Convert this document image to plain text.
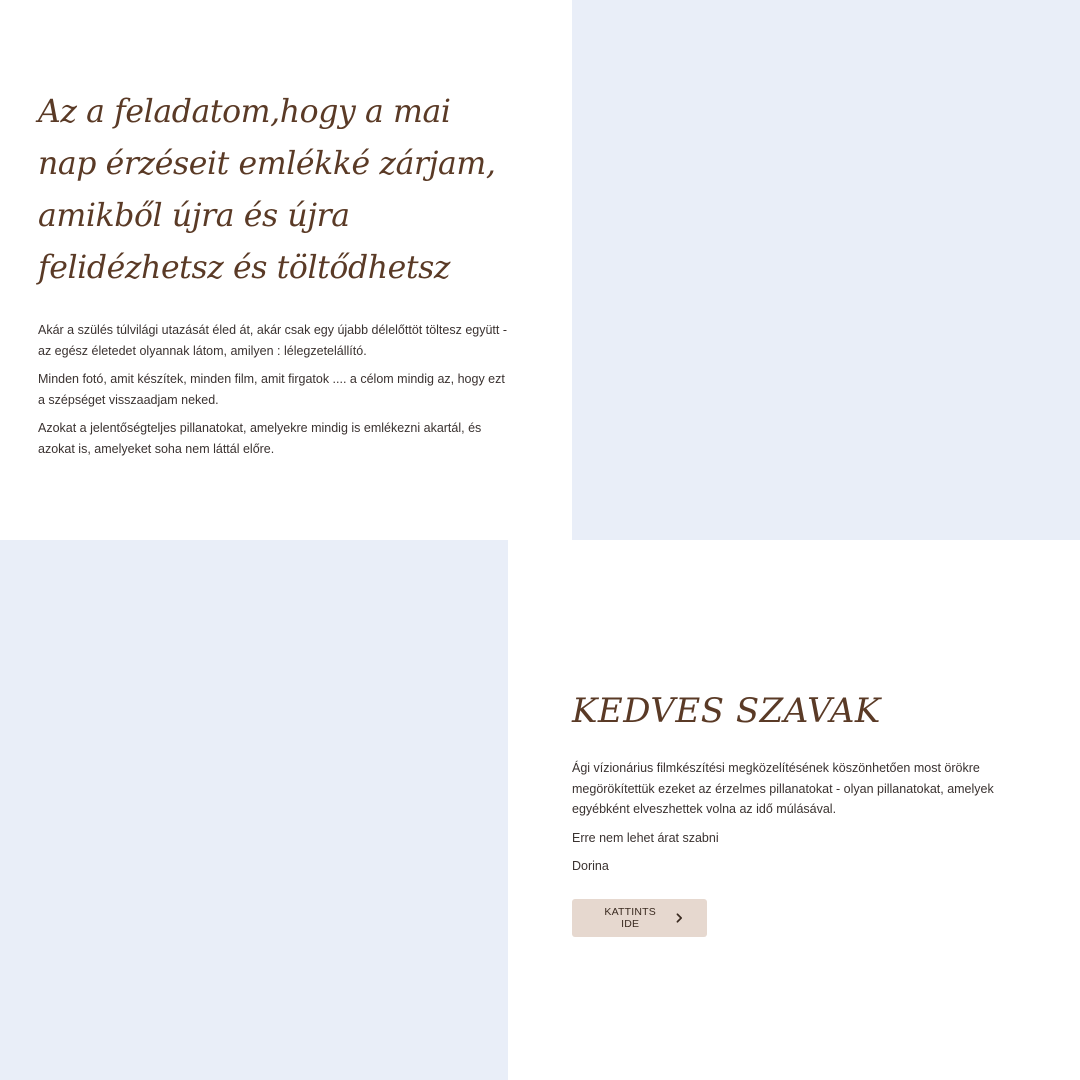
Az a feladatom,hogy a mai
nap érzéseit emlékké zárjam,
amikből újra és újra
felidézhetsz és töltődhetsz

Akár a szülés túlvilági utazását éled át, akár csak egy újabb délelőttöt töltesz együtt - az egész életedet olyannak látom, amilyen : lélegzetelállító.

Minden fotó, amit készítek, minden film, amit firgatok .... a célom mindig az, hogy ezt a szépséget visszaadjam neked.

Azokat a jelentőségteljes pillanatokat, amelyekre mindig is emlékezni akartál, és azokat is, amelyeket soha nem láttál előre.

KEDVES SZAVAK

Ági vízionárius filmkészítési megközelítésének köszönhetően most örökre megörökítettük ezeket az érzelmes pillanatokat - olyan pillanatokat, amelyek egyébként elveszhettek volna az idő múlásával.

Erre nem lehet árat szabni

Dorina

KATTINTS IDE
